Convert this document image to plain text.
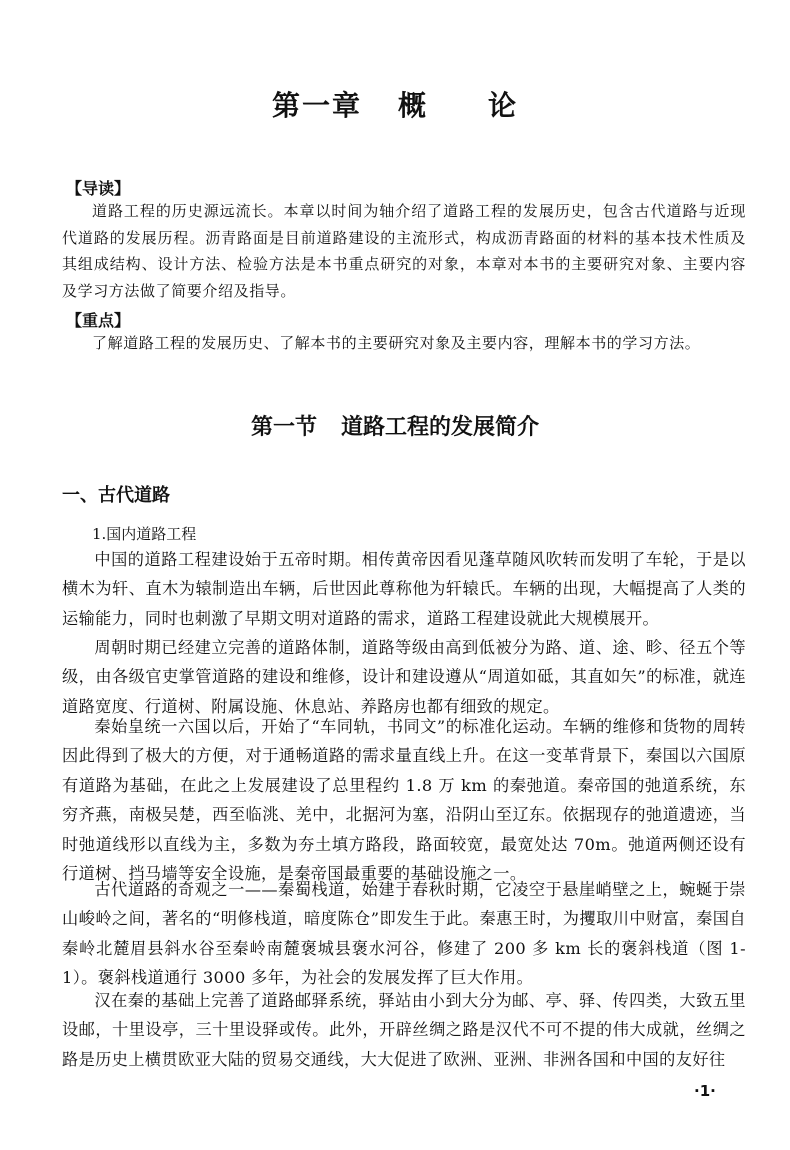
第一章 概 论
【导读】
道路工程的历史源远流长。本章以时间为轴介绍了道路工程的发展历史，包含古代道路与近现代道路的发展历程。沥青路面是目前道路建设的主流形式，构成沥青路面的材料的基本技术性质及其组成结构、设计方法、检验方法是本书重点研究的对象，本章对本书的主要研究对象、主要内容及学习方法做了简要介绍及指导。
【重点】
了解道路工程的发展历史、了解本书的主要研究对象及主要内容，理解本书的学习方法。
第一节 道路工程的发展简介
一、古代道路
1.国内道路工程
中国的道路工程建设始于五帝时期。相传黄帝因看见蓬草随风吹转而发明了车轮，于是以横木为轩、直木为辕制造出车辆，后世因此尊称他为轩辕氏。车辆的出现，大幅提高了人类的运输能力，同时也刺激了早期文明对道路的需求，道路工程建设就此大规模展开。
周朝时期已经建立完善的道路体制，道路等级由高到低被分为路、道、途、畛、径五个等级，由各级官吏掌管道路的建设和维修，设计和建设遵从“周道如砥，其直如矢”的标准，就连道路宽度、行道树、附属设施、休息站、养路房也都有细致的规定。
秦始皇统一六国以后，开始了“车同轨，书同文”的标准化运动。车辆的维修和货物的周转因此得到了极大的方便，对于通畅道路的需求量直线上升。在这一变革背景下，秦国以六国原有道路为基础，在此之上发展建设了总里程约 1.8 万 km 的秦弛道。秦帝国的弛道系统，东穷齐燕，南极吴楚，西至临洮、羌中，北据河为塞，沿阴山至辽东。依据现存的弛道遗迹，当时弛道线形以直线为主，多数为夯土填方路段，路面较宽，最宽处达 70m。弛道两侧还设有行道树、挡马墙等安全设施，是秦帝国最重要的基础设施之一。
古代道路的奇观之一——秦蜀栈道，始建于春秋时期，它凌空于悬崖峭壁之上，蜿蜒于崇山峻岭之间，著名的“明修栈道，暗度陈仓”即发生于此。秦惠王时，为攫取川中财富，秦国自秦岭北麓眉县斜水谷至秦岭南麓褒城县褒水河谷，修建了 200 多 km 长的褒斜栈道（图 1-1）。褒斜栈道通行 3000 多年，为社会的发展发挥了巨大作用。
汉在秦的基础上完善了道路邮驿系统，驿站由小到大分为邮、亭、驿、传四类，大致五里设邮，十里设亭，三十里设驿或传。此外，开辟丝绸之路是汉代不可不提的伟大成就，丝绸之路是历史上横贯欧亚大陆的贸易交通线，大大促进了欧洲、亚洲、非洲各国和中国的友好往
·1·
